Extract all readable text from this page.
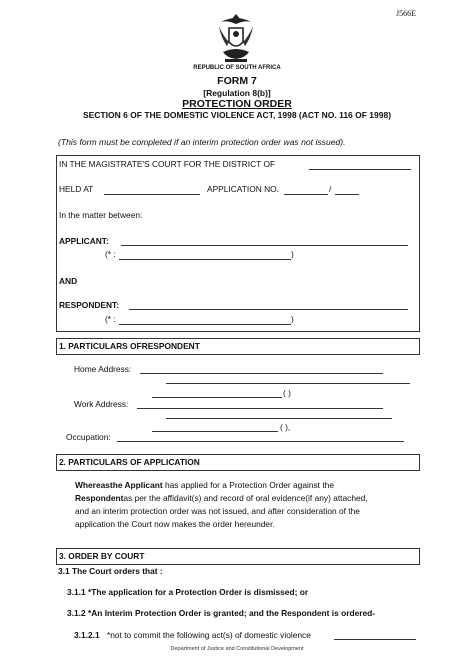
J566E
REPUBLIC OF SOUTH AFRICA
FORM 7
[Regulation 8(b)]
PROTECTION ORDER
SECTION 6 OF THE DOMESTIC VIOLENCE ACT, 1998 (ACT NO. 116 OF 1998)
(This form must be completed if an interim protection order was not issued).
IN THE MAGISTRATE'S COURT FOR THE DISTRICT OF
HELD AT	APPLICATION NO.	/
In the matter between:
APPLICANT:
(* :	)
AND
RESPONDENT:
(* :	)
1. PARTICULARS OFRESPONDENT
Home Address:
( )
Work Address:
( ),
Occupation:
2. PARTICULARS OF APPLICATION
Whereasthe Applicant has applied for a Protection Order against the
Respondentas per the affidavit(s) and record of oral evidence(if any) attached,
and an interim protection order was not issued, and after consideration of the
application the Court now makes the order hereunder.
3. ORDER BY COURT
3.1 The Court orders that :
3.1.1 *The application for a Protection Order is dismissed; or
3.1.2 *An Interim Protection Order is granted; and the Respondent is ordered-
3.1.2.1 *not to commit the following act(s) of domestic violence
Department of Justice and Constitutional Development
